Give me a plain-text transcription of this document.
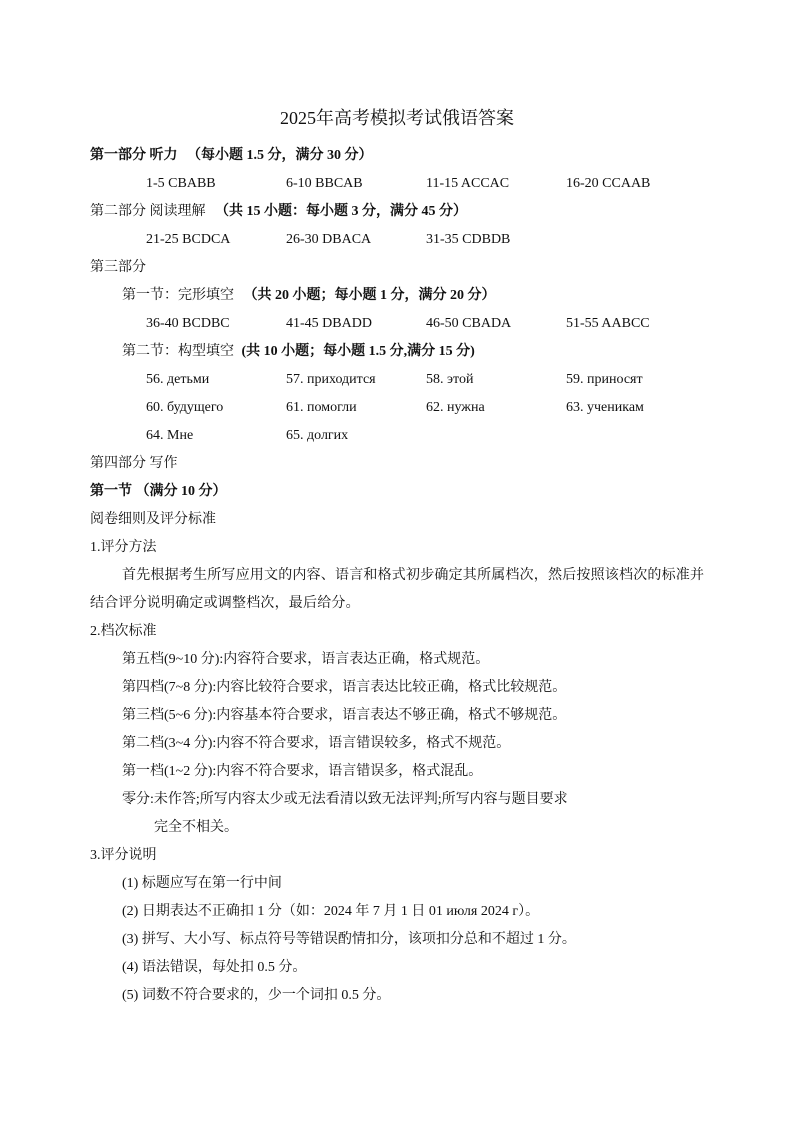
2025年高考模拟考试俄语答案
第一部分 听力 （每小题 1.5 分，满分 30 分）
1-5 CBABB	6-10 BBCAB	11-15 ACCAC	16-20 CCAAB
第二部分 阅读理解 （共 15 小题：每小题 3 分，满分 45 分）
21-25 BCDCA	26-30 DBACA	31-35 CDBDB
第三部分
第一节：完形填空 （共 20 小题；每小题 1 分，满分 20 分）
36-40 BCDBC	41-45 DBADD	46-50 CBADA	51-55 AABCC
第二节：构型填空 (共 10 小题；每小题 1.5 分,满分 15 分)
56. детьми	57. приходится	58. этой	59. приносят
60. будущего	61. помогли	62. нужна	63. ученикам
64. Мне	65. долгих
第四部分 写作
第一节 （满分 10 分）
阅卷细则及评分标准
1.评分方法
首先根据考生所写应用文的内容、语言和格式初步确定其所属档次，然后按照该档次的标准并结合评分说明确定或调整档次，最后给分。
2.档次标准
第五档(9~10 分):内容符合要求，语言表达正确，格式规范。
第四档(7~8 分):内容比较符合要求，语言表达比较正确，格式比较规范。
第三档(5~6 分):内容基本符合要求，语言表达不够正确，格式不够规范。
第二档(3~4 分):内容不符合要求，语言错误较多，格式不规范。
第一档(1~2 分):内容不符合要求，语言错误多，格式混乱。
零分:未作答;所写内容太少或无法看清以致无法评判;所写内容与题目要求
完全不相关。
3.评分说明
(1) 标题应写在第一行中间
(2) 日期表达不正确扣 1 分（如：2024 年 7 月 1 日 01 июля 2024 г）。
(3) 拼写、大小写、标点符号等错误酌情扣分，该项扣分总和不超过 1 分。
(4) 语法错误，每处扣 0.5 分。
(5) 词数不符合要求的，少一个词扣 0.5 分。
